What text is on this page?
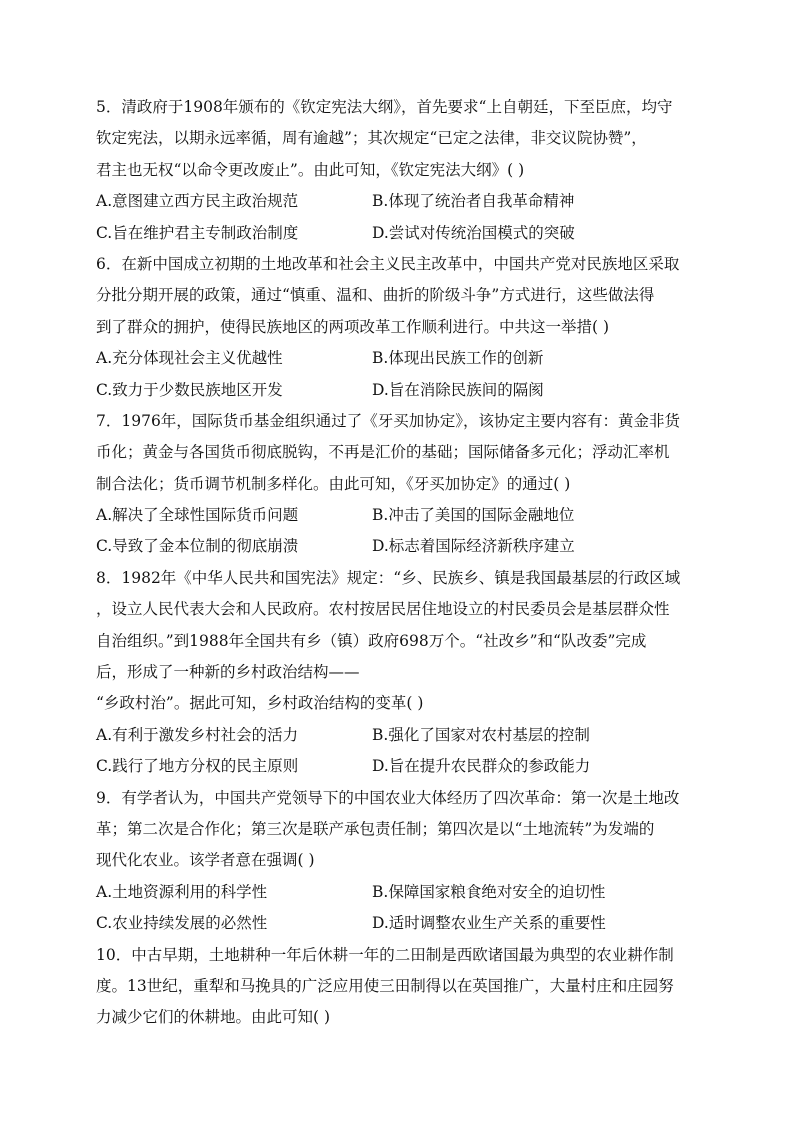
5．清政府于1908年颁布的《钦定宪法大纲》，首先要求“上自朝廷，下至臣庶，均守
钦定宪法，以期永远率循，周有逾越”；其次规定“已定之法律，非交议院协赞”，
君主也无权“以命令更改废止”。由此可知，《钦定宪法大纲》( )
A.意图建立西方民主政治规范	B.体现了统治者自我革命精神
C.旨在维护君主专制政治制度	D.尝试对传统治国模式的突破
6．在新中国成立初期的土地改革和社会主义民主改革中，中国共产党对民族地区采取
分批分期开展的政策，通过“慎重、温和、曲折的阶级斗争”方式进行，这些做法得
到了群众的拥护，使得民族地区的两项改革工作顺利进行。中共这一举措( )
A.充分体现社会主义优越性	B.体现出民族工作的创新
C.致力于少数民族地区开发	D.旨在消除民族间的隔阂
7．1976年，国际货币基金组织通过了《牙买加协定》，该协定主要内容有：黄金非货
币化；黄金与各国货币彻底脱钩，不再是汇价的基础；国际储备多元化；浮动汇率机
制合法化；货币调节机制多样化。由此可知，《牙买加协定》的通过( )
A.解决了全球性国际货币问题	B.冲击了美国的国际金融地位
C.导致了金本位制的彻底崩溃	D.标志着国际经济新秩序建立
8．1982年《中华人民共和国宪法》规定：“乡、民族乡、镇是我国最基层的行政区域
，设立人民代表大会和人民政府。农村按居民居住地设立的村民委员会是基层群众性
自治组织。”到1988年全国共有乡（镇）政府698万个。“社改乡”和“队改委”完成
后，形成了一种新的乡村政治结构——
“乡政村治”。据此可知，乡村政治结构的变革( )
A.有利于激发乡村社会的活力	B.强化了国家对农村基层的控制
C.践行了地方分权的民主原则	D.旨在提升农民群众的参政能力
9．有学者认为，中国共产党领导下的中国农业大体经历了四次革命：第一次是土地改
革；第二次是合作化；第三次是联产承包责任制；第四次是以“土地流转”为发端的
现代化农业。该学者意在强调( )
A.土地资源利用的科学性	B.保障国家粮食绝对安全的迫切性
C.农业持续发展的必然性	D.适时调整农业生产关系的重要性
10．中古早期，土地耕种一年后休耕一年的二田制是西欧诸国最为典型的农业耕作制
度。13世纪，重犁和马挽具的广泛应用使三田制得以在英国推广，大量村庄和庄园努
力减少它们的休耕地。由此可知( )
